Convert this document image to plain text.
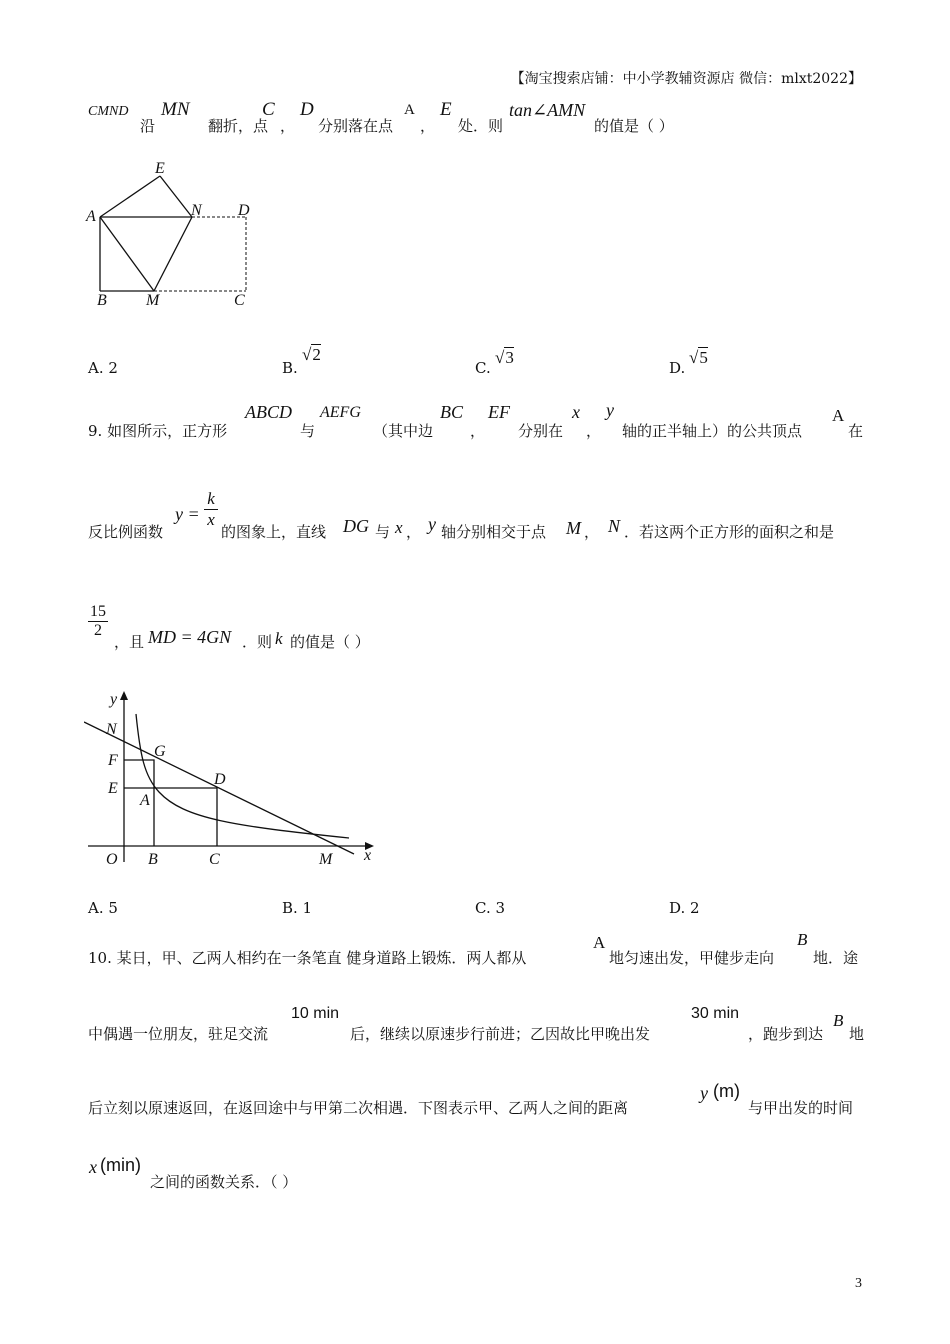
【淘宝搜索店铺：中小学教辅资源店 微信：mlxt2022】
CMND
沿
MN
翻折，点
C
，
D
分别落在点
A
，
E
处．则
tan∠AMN
的值是（ ）
E
A	N D
B M	C
A. 2	B.
√2
C.
√3
D.
√5
9. 如图所示，正方形
ABCD
与
AEFG
（其中边
BC
，
EF
分别在
x
，
y
轴的正半轴上）的公共顶点
A
在
反比例函数
$y = \frac{k}{x}$
的图象上，直线 DG 与 x ， y 轴分别相交于点 M ， N ．若这两个正方形的面积之和是
$\frac{15}{2}$
，且 MD = 4GN ．则 k 的值是（ ）
y
N
F
G
E
A
D
O B	C	M x
A. 5	B. 1	C. 3	D. 2
10. 某日，甲、乙两人相约在一条笔直 健身道路上锻炼．两人都从
A
地匀速出发，甲健步走向
B
地．途
中偶遇一位朋友，驻足交流
10 min
后，继续以原速步行前进；乙因故比甲晚出发
30 min
，跑步到达
B
地
后立刻以原速返回，在返回途中与甲第二次相遇．下图表示甲、乙两人之间的距离
y (m)
与甲出发的时间
x (min)
之间的函数关系．（ ）
3
